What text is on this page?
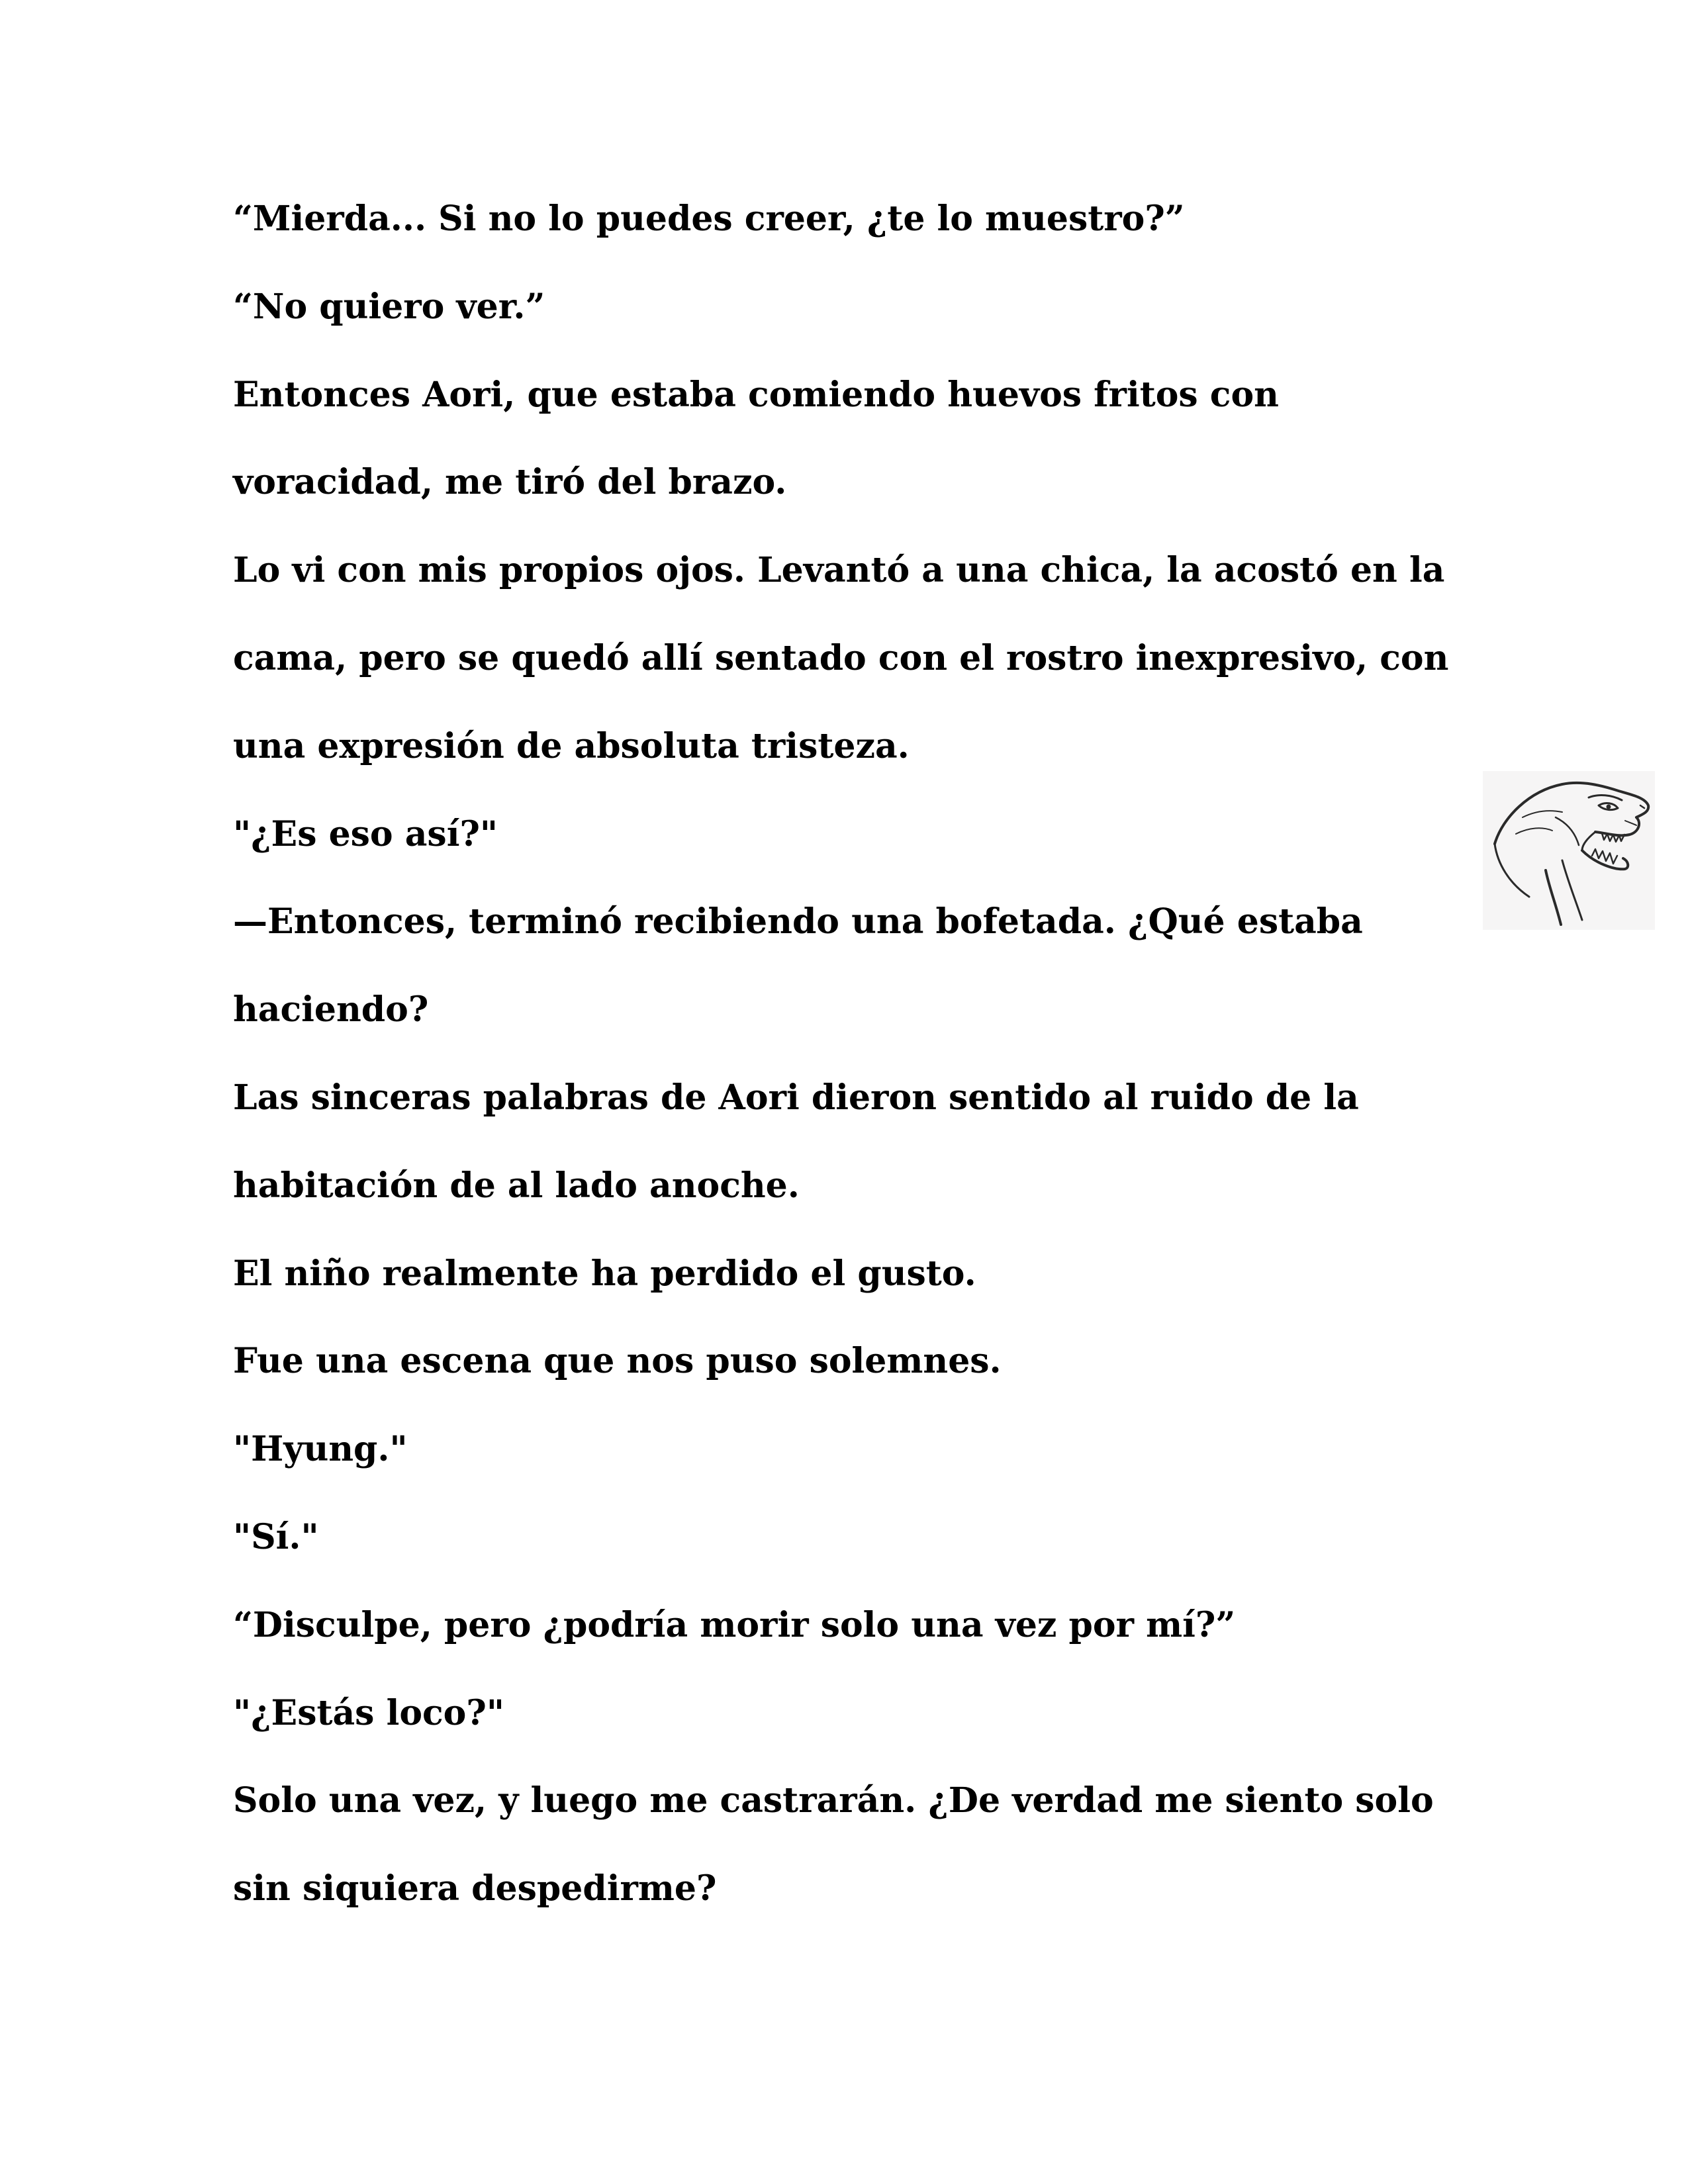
“Mierda... Si no lo puedes creer, ¿te lo muestro?”

“No quiero ver.”

Entonces Aori, que estaba comiendo huevos fritos con

voracidad, me tiró del brazo.

Lo vi con mis propios ojos. Levantó a una chica, la acostó en la

cama, pero se quedó allí sentado con el rostro inexpresivo, con

una expresión de absoluta tristeza.

"¿Es eso así?"

—Entonces, terminó recibiendo una bofetada. ¿Qué estaba

haciendo?

Las sinceras palabras de Aori dieron sentido al ruido de la

habitación de al lado anoche.

El niño realmente ha perdido el gusto.

Fue una escena que nos puso solemnes.

"Hyung."

"Sí."

“Disculpe, pero ¿podría morir solo una vez por mí?”

"¿Estás loco?"

Solo una vez, y luego me castrarán. ¿De verdad me siento solo

sin siquiera despedirme?
